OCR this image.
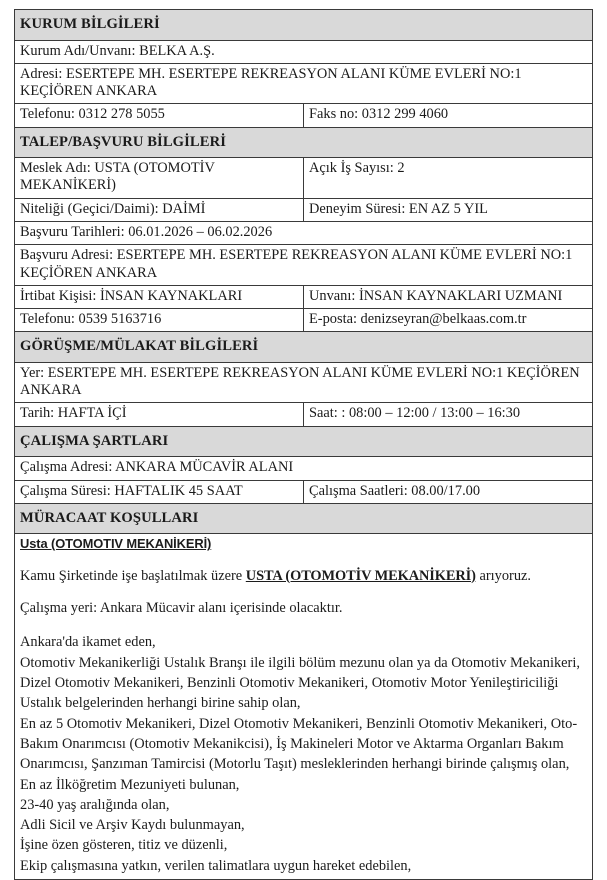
KURUM BİLGİLERİ	
Kurum Adı/Unvanı: BELKA A.Ş.	
Adresi: ESERTEPE MH. ESERTEPE REKREASYON ALANI KÜME EVLERİ NO:1 KEÇİÖREN ANKARA	
Telefonu: 0312 278 5055	Faks no: 0312 299 4060
TALEP/BAŞVURU BİLGİLERİ	
Meslek Adı: USTA (OTOMOTİV MEKANİKERİ)	Açık İş Sayısı: 2
Niteliği (Geçici/Daimi): DAİMİ	Deneyim Süresi: EN AZ 5 YIL
Başvuru Tarihleri: 06.01.2026 – 06.02.2026	
Başvuru Adresi: ESERTEPE MH. ESERTEPE REKREASYON ALANI KÜME EVLERİ NO:1 KEÇİÖREN ANKARA	
İrtibat Kişisi: İNSAN KAYNAKLARI	Unvanı: İNSAN KAYNAKLARI UZMANI
Telefonu: 0539 5163716	E-posta: denizseyran@belkaas.com.tr
GÖRÜŞME/MÜLAKAT BİLGİLERİ	
Yer: ESERTEPE MH. ESERTEPE REKREASYON ALANI KÜME EVLERİ NO:1 KEÇİÖREN ANKARA	
Tarih: HAFTA İÇİ	Saat: : 08:00 – 12:00 / 13:00 – 16:30
ÇALIŞMA ŞARTLARI	
Çalışma Adresi: ANKARA MÜCAVİR ALANI	
Çalışma Süresi: HAFTALIK 45 SAAT	Çalışma Saatleri: 08.00/17.00
MÜRACAAT KOŞULLARI	

Usta (OTOMOTIV MEKANİKERİ)

Kamu Şirketinde işe başlatılmak üzere USTA (OTOMOTİV MEKANİKERİ) arıyoruz.

Çalışma yeri: Ankara Mücavir alanı içerisinde olacaktır.

Ankara'da ikamet eden,

Otomotiv Mekanikerliği Ustalık Branşı ile ilgili bölüm mezunu olan ya da Otomotiv Mekanikeri, Dizel Otomotiv Mekanikeri, Benzinli Otomotiv Mekanikeri, Otomotiv Motor Yenileştiriciliği Ustalık belgelerinden herhangi birine sahip olan,

En az 5 Otomotiv Mekanikeri, Dizel Otomotiv Mekanikeri, Benzinli Otomotiv Mekanikeri, Oto-Bakım Onarımcısı (Otomotiv Mekanikcisi), İş Makineleri Motor ve Aktarma Organları Bakım Onarımcısı, Şanzıman Tamircisi (Motorlu Taşıt) mesleklerinden herhangi birinde çalışmış olan,

En az İlköğretim Mezuniyeti bulunan,

23-40 yaş aralığında olan,

Adli Sicil ve Arşiv Kaydı bulunmayan,

İşine özen gösteren, titiz ve düzenli,

Ekip çalışmasına yatkın, verilen talimatlara uygun hareket edebilen,
